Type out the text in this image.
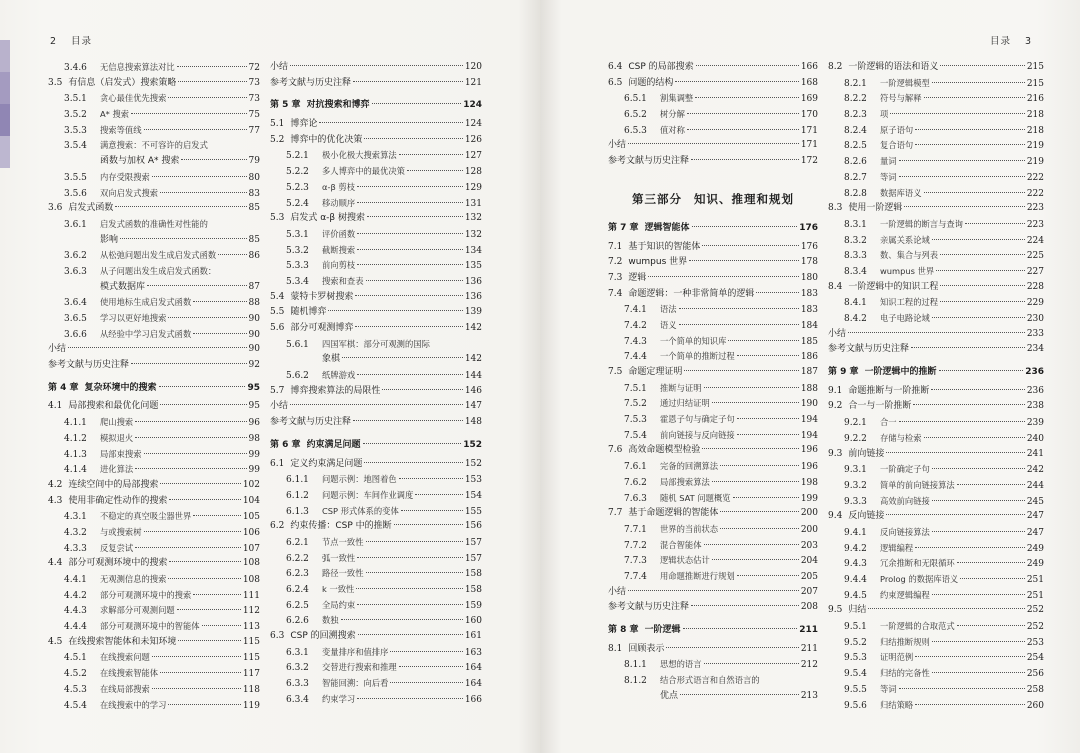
2 目录
3.4.6	无信息搜索算法对比	72
3.5 有信息（启发式）搜索策略	73
3.5.1	贪心最佳优先搜索	73
3.5.2	A* 搜索	75
3.5.3	搜索等值线	77
3.5.4	满意搜索：不可容许的启发式
函数与加权 A* 搜索	79
3.5.5	内存受限搜索	80
3.5.6	双向启发式搜索	83
3.6 启发式函数	85
3.6.1	启发式函数的准确性对性能的
影响	85
3.6.2	从松弛问题出发生成启发式函数	86
3.6.3	从子问题出发生成启发式函数：
模式数据库	87
3.6.4	使用地标生成启发式函数	88
3.6.5	学习以更好地搜索	90
3.6.6	从经验中学习启发式函数	90
小结	90
参考文献与历史注释	92
第 4 章 复杂环境中的搜索	95
4.1 局部搜索和最优化问题	95
4.1.1	爬山搜索	96
4.1.2	模拟退火	98
4.1.3	局部束搜索	99
4.1.4	进化算法	99
4.2 连续空间中的局部搜索	102
4.3 使用非确定性动作的搜索	104
4.3.1	不稳定的真空吸尘器世界	105
4.3.2	与或搜索树	106
4.3.3	反复尝试	107
4.4 部分可观测环境中的搜索	108
4.4.1	无观测信息的搜索	108
4.4.2	部分可观测环境中的搜索	111
4.4.3	求解部分可观测问题	112
4.4.4	部分可观测环境中的智能体	113
4.5 在线搜索智能体和未知环境	115
4.5.1	在线搜索问题	115
4.5.2	在线搜索智能体	117
4.5.3	在线局部搜索	118
4.5.4	在线搜索中的学习	119
小结	120
参考文献与历史注释	121
第 5 章 对抗搜索和博弈	124
5.1 博弈论	124
5.2 博弈中的优化决策	126
5.2.1	极小化极大搜索算法	127
5.2.2	多人博弈中的最优决策	128
5.2.3	α-β 剪枝	129
5.2.4	移动顺序	131
5.3 启发式 α-β 树搜索	132
5.3.1	评价函数	132
5.3.2	截断搜索	134
5.3.3	前向剪枝	135
5.3.4	搜索和查表	136
5.4 蒙特卡罗树搜索	136
5.5 随机博弈	139
5.6 部分可观测博弈	142
5.6.1	四国军棋：部分可观测的国际
象棋	142
5.6.2	纸牌游戏	144
5.7 博弈搜索算法的局限性	146
小结	147
参考文献与历史注释	148
第 6 章 约束满足问题	152
6.1 定义约束满足问题	152
6.1.1	问题示例：地图着色	153
6.1.2	问题示例：车间作业调度	154
6.1.3	CSP 形式体系的变体	155
6.2 约束传播：CSP 中的推断	156
6.2.1	节点一致性	157
6.2.2	弧一致性	157
6.2.3	路径一致性	158
6.2.4	k 一致性	158
6.2.5	全局约束	159
6.2.6	数独	160
6.3 CSP 的回溯搜索	161
6.3.1	变量排序和值排序	163
6.3.2	交替进行搜索和推理	164
6.3.3	智能回溯：向后看	164
6.3.4	约束学习	166
目录 3
6.4 CSP 的局部搜索	166
6.5 问题的结构	168
6.5.1	割集调整	169
6.5.2	树分解	170
6.5.3	值对称	171
小结	171
参考文献与历史注释	172
第三部分 知识、推理和规划
第 7 章 逻辑智能体	176
7.1 基于知识的智能体	176
7.2 wumpus 世界	178
7.3 逻辑	180
7.4 命题逻辑：一种非常简单的逻辑	183
7.4.1	语法	183
7.4.2	语义	184
7.4.3	一个简单的知识库	185
7.4.4	一个简单的推断过程	186
7.5 命题定理证明	187
7.5.1	推断与证明	188
7.5.2	通过归结证明	190
7.5.3	霍恩子句与确定子句	194
7.5.4	前向链接与反向链接	194
7.6 高效命题模型检验	196
7.6.1	完备的回溯算法	196
7.6.2	局部搜索算法	198
7.6.3	随机 SAT 问题概览	199
7.7 基于命题逻辑的智能体	200
7.7.1	世界的当前状态	200
7.7.2	混合智能体	203
7.7.3	逻辑状态估计	204
7.7.4	用命题推断进行规划	205
小结	207
参考文献与历史注释	208
第 8 章 一阶逻辑	211
8.1 回顾表示	211
8.1.1	思想的语言	212
8.1.2	结合形式语言和自然语言的
优点	213
8.2 一阶逻辑的语法和语义	215
8.2.1	一阶逻辑模型	215
8.2.2	符号与解释	216
8.2.3	项	218
8.2.4	原子语句	218
8.2.5	复合语句	219
8.2.6	量词	219
8.2.7	等词	222
8.2.8	数据库语义	222
8.3 使用一阶逻辑	223
8.3.1	一阶逻辑的断言与查询	223
8.3.2	亲属关系论域	224
8.3.3	数、集合与列表	225
8.3.4	wumpus 世界	227
8.4 一阶逻辑中的知识工程	228
8.4.1	知识工程的过程	229
8.4.2	电子电路论域	230
小结	233
参考文献与历史注释	234
第 9 章 一阶逻辑中的推断	236
9.1 命题推断与一阶推断	236
9.2 合一与一阶推断	238
9.2.1	合一	239
9.2.2	存储与检索	240
9.3 前向链接	241
9.3.1	一阶确定子句	242
9.3.2	简单的前向链接算法	244
9.3.3	高效前向链接	245
9.4 反向链接	247
9.4.1	反向链接算法	247
9.4.2	逻辑编程	249
9.4.3	冗余推断和无限循环	249
9.4.4	Prolog 的数据库语义	251
9.4.5	约束逻辑编程	251
9.5 归结	252
9.5.1	一阶逻辑的合取范式	252
9.5.2	归结推断规则	253
9.5.3	证明范例	254
9.5.4	归结的完备性	256
9.5.5	等词	258
9.5.6	归结策略	260
